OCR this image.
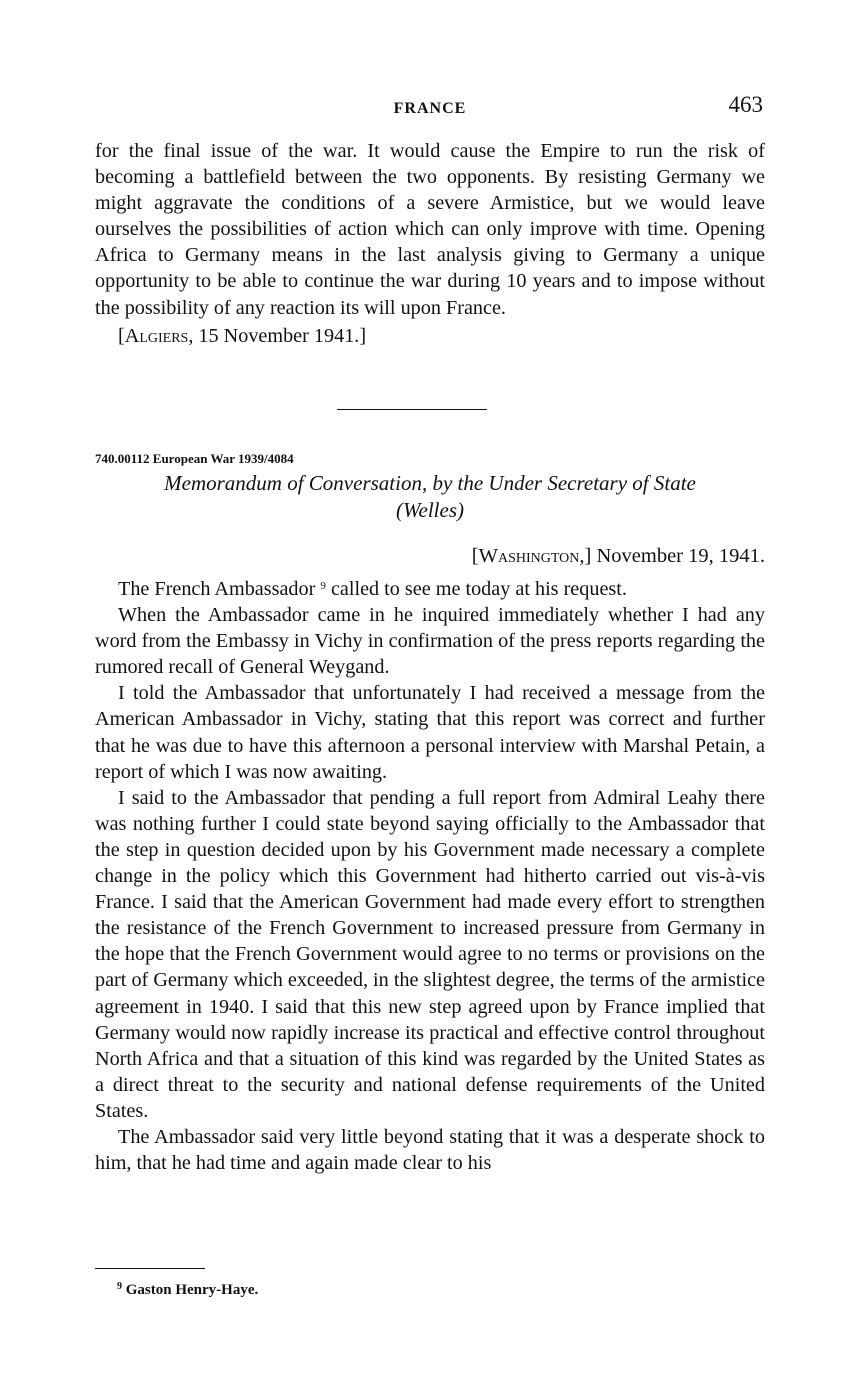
FRANCE	463

for the final issue of the war. It would cause the Empire to run the risk of becoming a battlefield between the two opponents. By resisting Germany we might aggravate the conditions of a severe Armistice, but we would leave ourselves the possibilities of action which can only improve with time. Opening Africa to Germany means in the last analysis giving to Germany a unique opportunity to be able to continue the war during 10 years and to impose without the possibility of any reaction its will upon France.

[Algiers, 15 November 1941.]
740.00112 European War 1939/4084
Memorandum of Conversation, by the Under Secretary of State
(Welles)
[Washington,] November 19, 1941.

The French Ambassador $^9$ called to see me today at his request.

When the Ambassador came in he inquired immediately whether I had any word from the Embassy in Vichy in confirmation of the press reports regarding the rumored recall of General Weygand.

I told the Ambassador that unfortunately I had received a message from the American Ambassador in Vichy, stating that this report was correct and further that he was due to have this afternoon a personal interview with Marshal Petain, a report of which I was now awaiting.

I said to the Ambassador that pending a full report from Admiral Leahy there was nothing further I could state beyond saying officially to the Ambassador that the step in question decided upon by his Government made necessary a complete change in the policy which this Government had hitherto carried out vis-à-vis France. I said that the American Government had made every effort to strengthen the resistance of the French Government to increased pressure from Germany in the hope that the French Government would agree to no terms or provisions on the part of Germany which exceeded, in the slightest degree, the terms of the armistice agreement in 1940. I said that this new step agreed upon by France implied that Germany would now rapidly increase its practical and effective control throughout North Africa and that a situation of this kind was regarded by the United States as a direct threat to the security and national defense requirements of the United States.

The Ambassador said very little beyond stating that it was a desperate shock to him, that he had time and again made clear to his

$^9$ Gaston Henry-Haye.
